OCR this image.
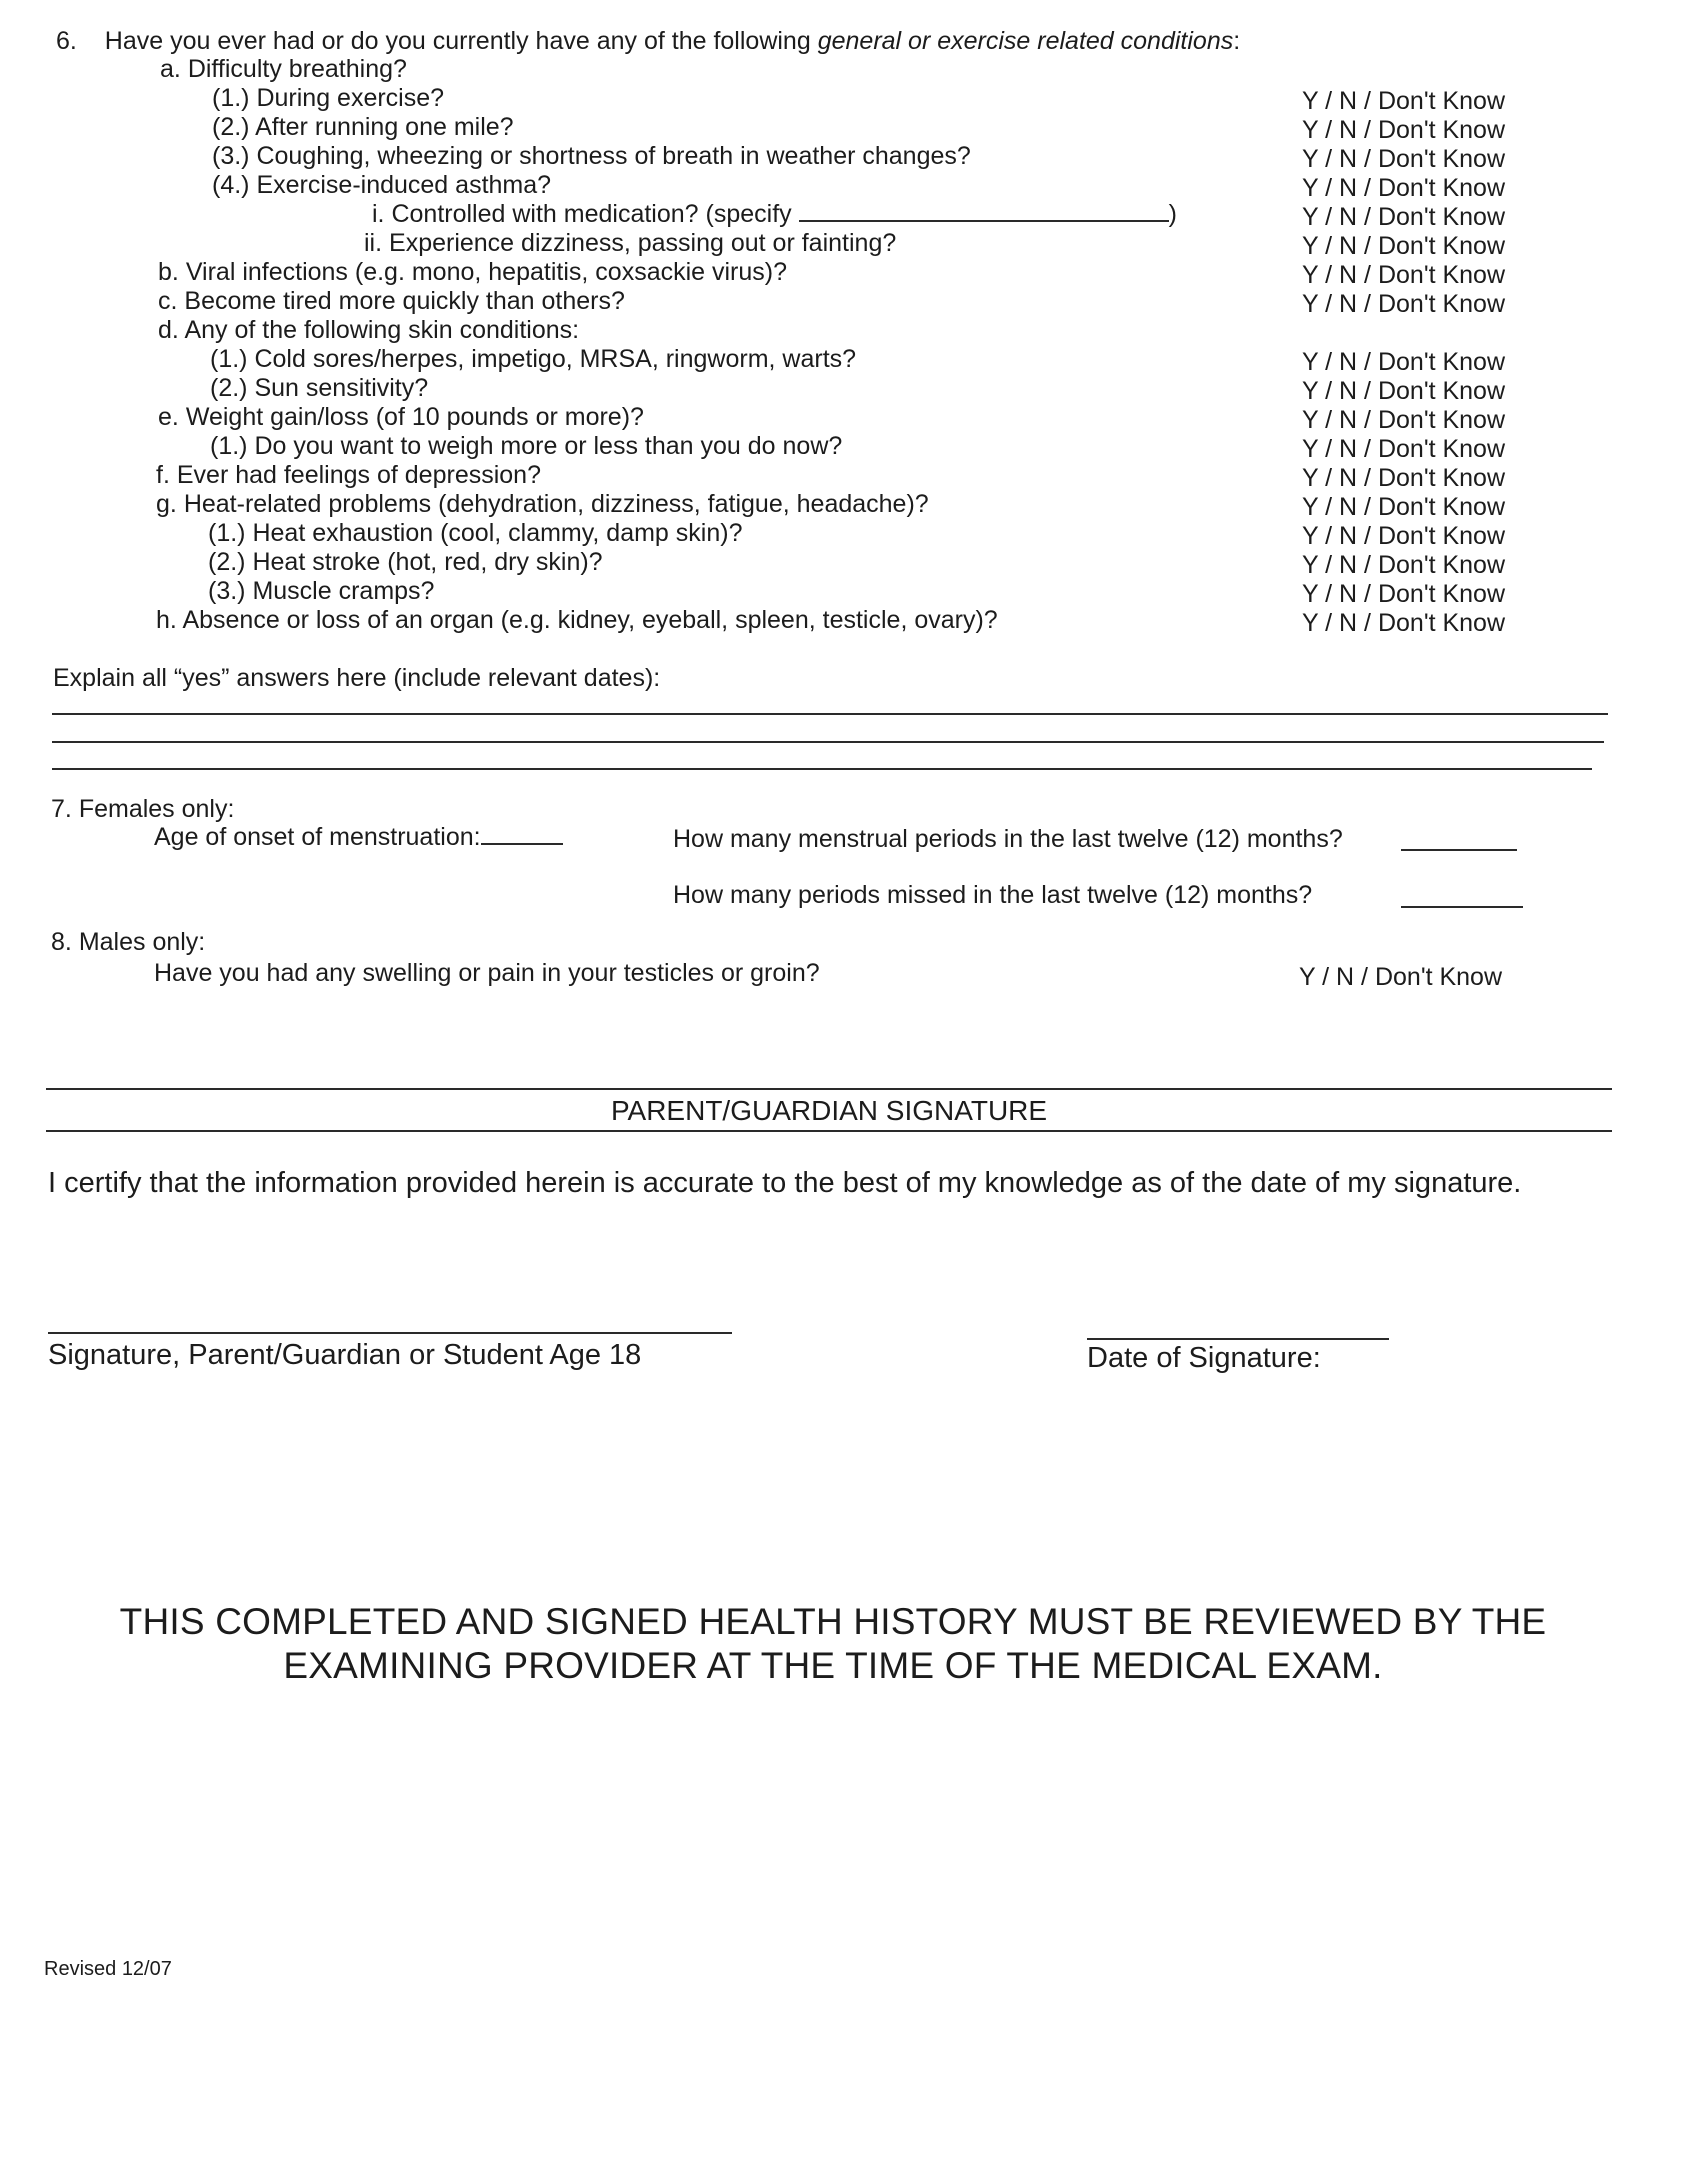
6. Have you ever had or do you currently have any of the following general or exercise related conditions:
a. Difficulty breathing?
(1.) During exercise?	Y / N / Don't Know
(2.) After running one mile?	Y / N / Don't Know
(3.) Coughing, wheezing or shortness of breath in weather changes?	Y / N / Don't Know
(4.) Exercise-induced asthma?	Y / N / Don't Know
i. Controlled with medication? (specify	)	Y / N / Don't Know
ii. Experience dizziness, passing out or fainting?	Y / N / Don't Know
b. Viral infections (e.g. mono, hepatitis, coxsackie virus)?	Y / N / Don't Know
c. Become tired more quickly than others?	Y / N / Don't Know
d. Any of the following skin conditions:
(1.) Cold sores/herpes, impetigo, MRSA, ringworm, warts?	Y / N / Don't Know
(2.) Sun sensitivity?	Y / N / Don't Know
e. Weight gain/loss (of 10 pounds or more)?	Y / N / Don't Know
(1.) Do you want to weigh more or less than you do now?	Y / N / Don't Know
f. Ever had feelings of depression?	Y / N / Don't Know
g. Heat-related problems (dehydration, dizziness, fatigue, headache)?	Y / N / Don't Know
(1.) Heat exhaustion (cool, clammy, damp skin)?	Y / N / Don't Know
(2.) Heat stroke (hot, red, dry skin)?	Y / N / Don't Know
(3.) Muscle cramps?	Y / N / Don't Know
h. Absence or loss of an organ (e.g. kidney, eyeball, spleen, testicle, ovary)?	Y / N / Don't Know
Explain all “yes” answers here (include relevant dates):
7. Females only:
Age of onset of menstruation:	How many menstrual periods in the last twelve (12) months?
How many periods missed in the last twelve (12) months?
8. Males only:
Have you had any swelling or pain in your testicles or groin?	Y / N / Don't Know
PARENT/GUARDIAN SIGNATURE
I certify that the information provided herein is accurate to the best of my knowledge as of the date of my signature.
Signature, Parent/Guardian or Student Age 18	Date of Signature:
THIS COMPLETED AND SIGNED HEALTH HISTORY MUST BE REVIEWED BY THE
EXAMINING PROVIDER AT THE TIME OF THE MEDICAL EXAM.
Revised 12/07
